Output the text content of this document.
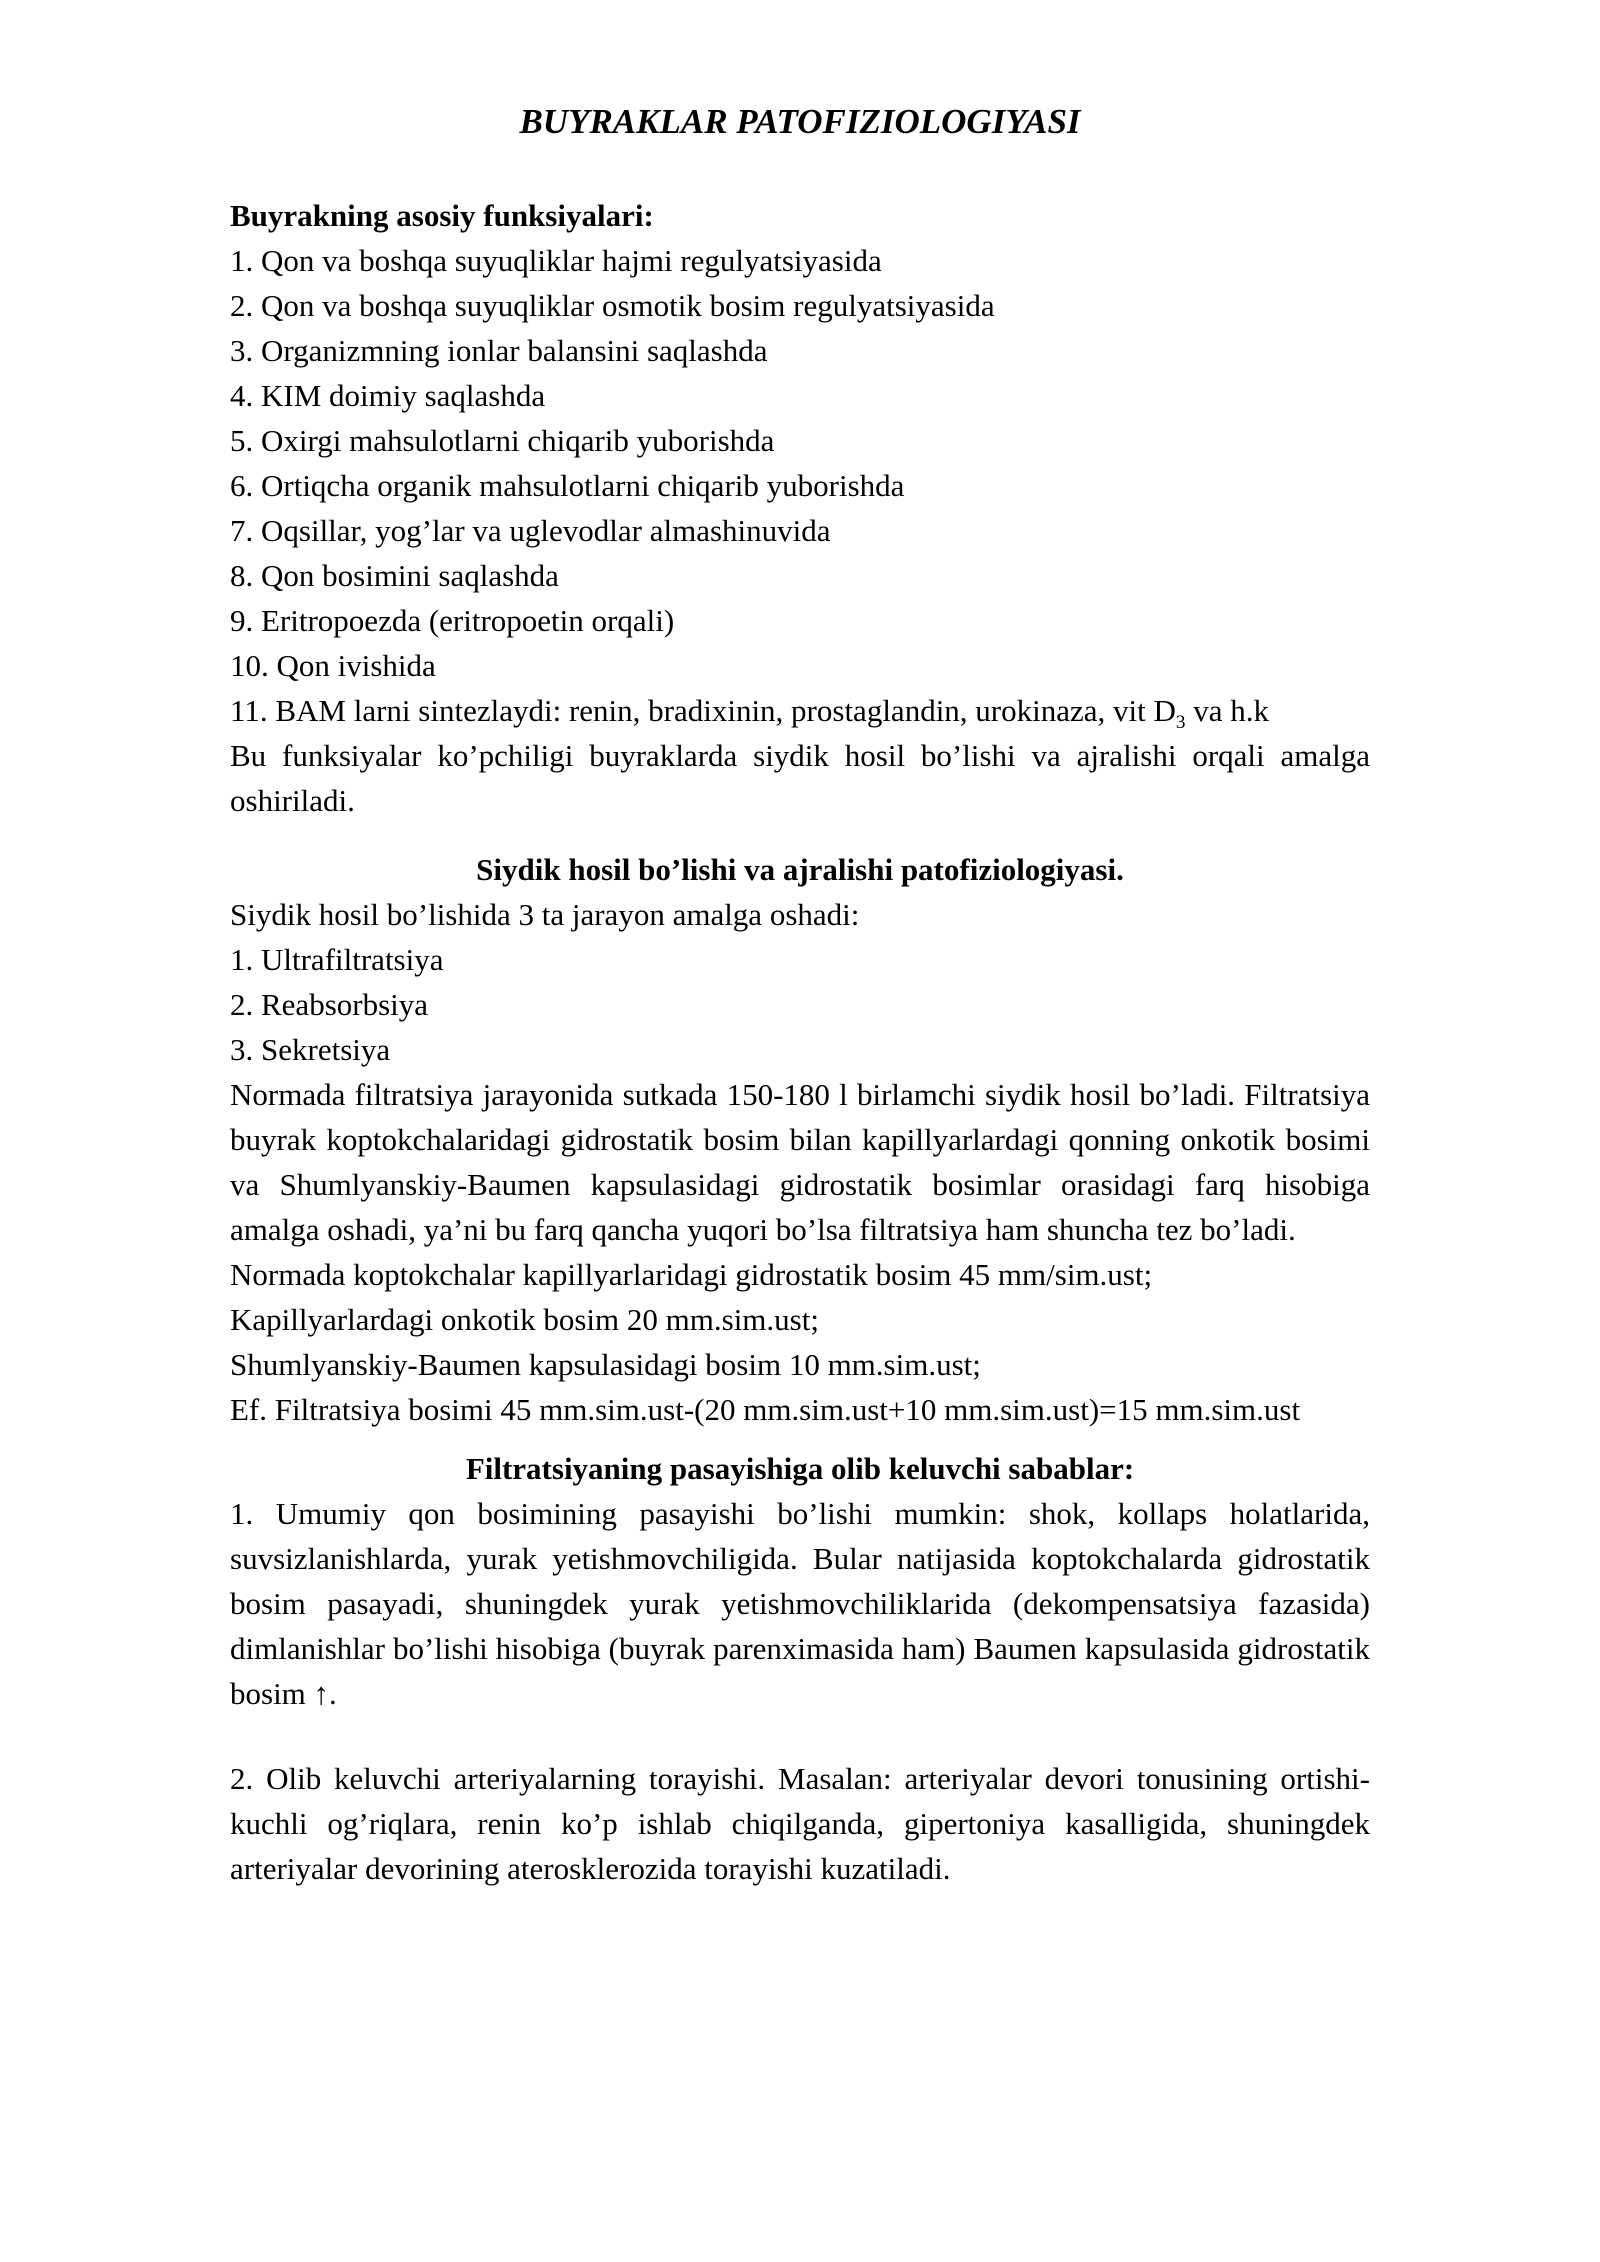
BUYRAKLAR PATOFIZIOLOGIYASI

Buyrakning asosiy funksiyalari:

1. Qon va boshqa suyuqliklar hajmi regulyatsiyasida

2. Qon va boshqa suyuqliklar osmotik bosim regulyatsiyasida

3. Organizmning ionlar balansini saqlashda

4. KIM doimiy saqlashda

5. Oxirgi mahsulotlarni chiqarib yuborishda

6. Ortiqcha organik mahsulotlarni chiqarib yuborishda

7. Oqsillar, yog’lar va uglevodlar almashinuvida

8. Qon bosimini saqlashda

9. Eritropoezda (eritropoetin orqali)

10. Qon ivishida

11. BAM larni sintezlaydi: renin, bradixinin, prostaglandin, urokinaza, vit $D_3$ va h.k

Bu funksiyalar ko’pchiligi buyraklarda siydik hosil bo’lishi va ajralishi orqali amalga oshiriladi.

Siydik hosil bo’lishi va ajralishi patofiziologiyasi.

Siydik hosil bo’lishida 3 ta jarayon amalga oshadi:

1. Ultrafiltratsiya

2. Reabsorbsiya

3. Sekretsiya

Normada filtratsiya jarayonida sutkada 150-180 l birlamchi siydik hosil bo’ladi. Filtratsiya buyrak koptokchalaridagi gidrostatik bosim bilan kapillyarlardagi qonning onkotik bosimi va Shumlyanskiy-Baumen kapsulasidagi gidrostatik bosimlar orasidagi farq hisobiga amalga oshadi, ya’ni bu farq qancha yuqori bo’lsa filtratsiya ham shuncha tez bo’ladi.

Normada koptokchalar kapillyarlaridagi gidrostatik bosim 45 mm/sim.ust;

Kapillyarlardagi onkotik bosim 20 mm.sim.ust;

Shumlyanskiy-Baumen kapsulasidagi bosim 10 mm.sim.ust;

Ef. Filtratsiya bosimi 45 mm.sim.ust-(20 mm.sim.ust+10 mm.sim.ust)=15 mm.sim.ust

Filtratsiyaning pasayishiga olib keluvchi sabablar:

1. Umumiy qon bosimining pasayishi bo’lishi mumkin: shok, kollaps holatlarida, suvsizlanishlarda, yurak yetishmovchiligida. Bular natijasida koptokchalarda gidrostatik bosim pasayadi, shuningdek yurak yetishmovchiliklarida (dekompensatsiya fazasida) dimlanishlar bo’lishi hisobiga (buyrak parenximasida ham) Baumen kapsulasida gidrostatik bosim ↑.

2. Olib keluvchi arteriyalarning torayishi. Masalan: arteriyalar devori tonusining ortishi-kuchli og’riqlara, renin ko’p ishlab chiqilganda, gipertoniya kasalligida, shuningdek arteriyalar devorining aterosklerozida torayishi kuzatiladi.
